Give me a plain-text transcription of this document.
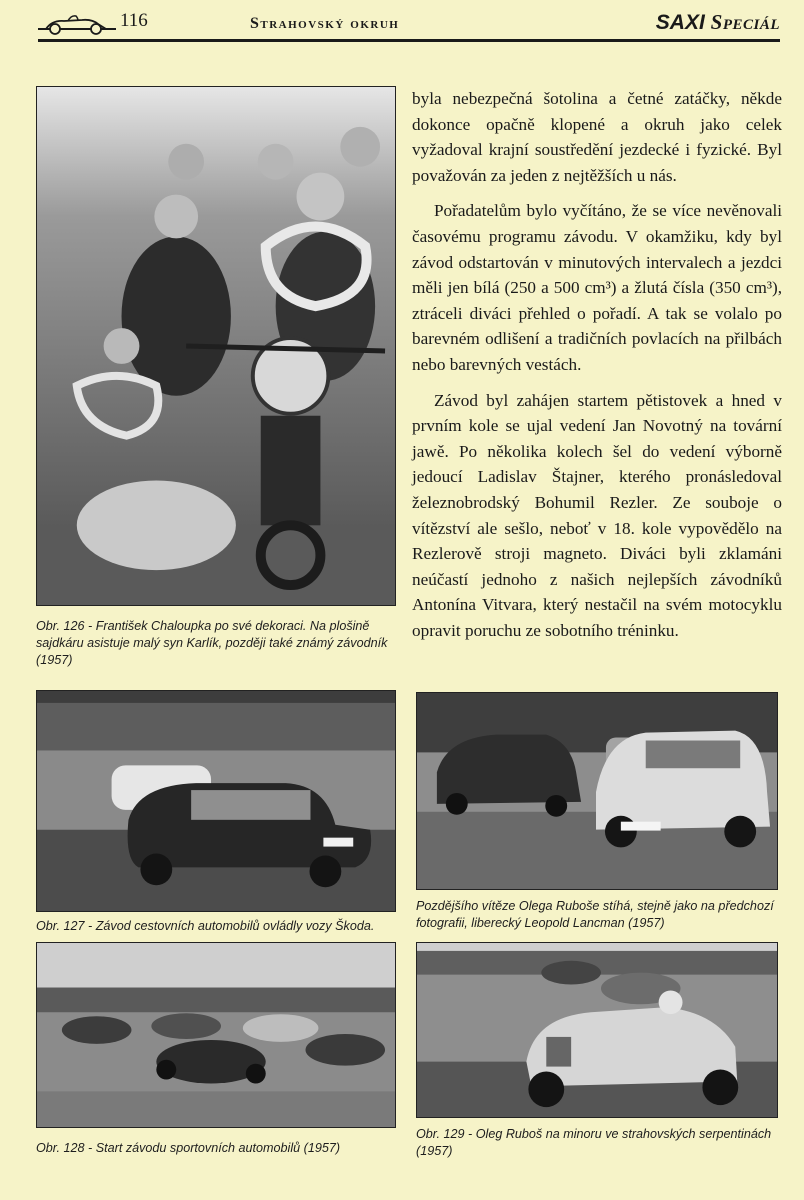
116	Strahovský okruh	SAXI Speciál
Obr. 126 - František Chaloupka po své dekoraci. Na plošině sajdkáru asistuje malý syn Karlík, později také známý závodník (1957)

byla nebezpečná šotolina a četné zatáčky, někde dokonce opačně klopené a okruh jako celek vyžadoval krajní soustředění jezdecké i fyzické. Byl považován za jeden z nejtěžších u nás.

Pořadatelům bylo vyčítáno, že se více nevěnovali časovému programu závodu. V okamžiku, kdy byl závod odstartován v minutových intervalech a jezdci měli jen bílá (250 a 500 cm³) a žlutá čísla (350 cm³), ztráceli diváci přehled o pořadí. A tak se volalo po barevném odlišení a tradičních povlacích na přilbách nebo barevných vestách.

Závod byl zahájen startem pětistovek a hned v prvním kole se ujal vedení Jan Novotný na tovární jawě. Po několika kolech šel do vedení výborně jedoucí Ladislav Štajner, kterého pronásledoval železnobrodský Bohumil Rezler. Ze souboje o vítězství ale sešlo, neboť v 18. kole vypovědělo na Rezlerově stroji magneto. Diváci byli zklamáni neúčastí jednoho z našich nejlepších závodníků Antonína Vitvara, který nestačil na svém motocyklu opravit poruchu ze sobotního tréninku.

Obr. 127 - Závod cestovních automobilů ovládly vozy Škoda.
Pozdějšího vítěze Olega Ruboše stíhá, stejně jako na předchozí fotografii, liberecký Leopold Lancman (1957)
Obr. 128 - Start závodu sportovních automobilů (1957)
Obr. 129 - Oleg Ruboš na minoru ve strahovských serpentinách (1957)
